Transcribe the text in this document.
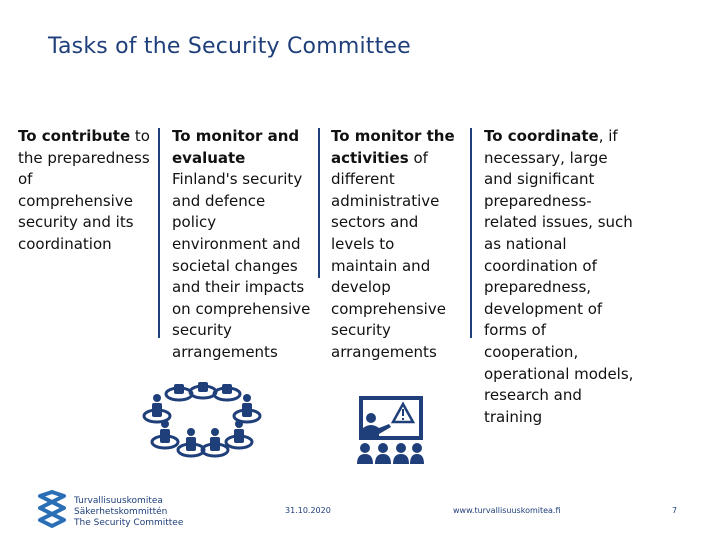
Tasks of the Security Committee
To contribute to the preparedness of comprehensive security and its coordination
To monitor and evaluate Finland's security and defence policy environment and societal changes and their impacts on comprehensive security arrangements
To monitor the activities of different administrative sectors and levels to maintain and develop comprehensive security arrangements
To coordinate, if necessary, large and significant preparedness-related issues, such as national coordination of preparedness, development of forms of cooperation, operational models, research and training
Turvallisuuskomitea
Säkerhetskommittén
The Security Committee
31.10.2020	www.turvallisuuskomitea.fi	7
